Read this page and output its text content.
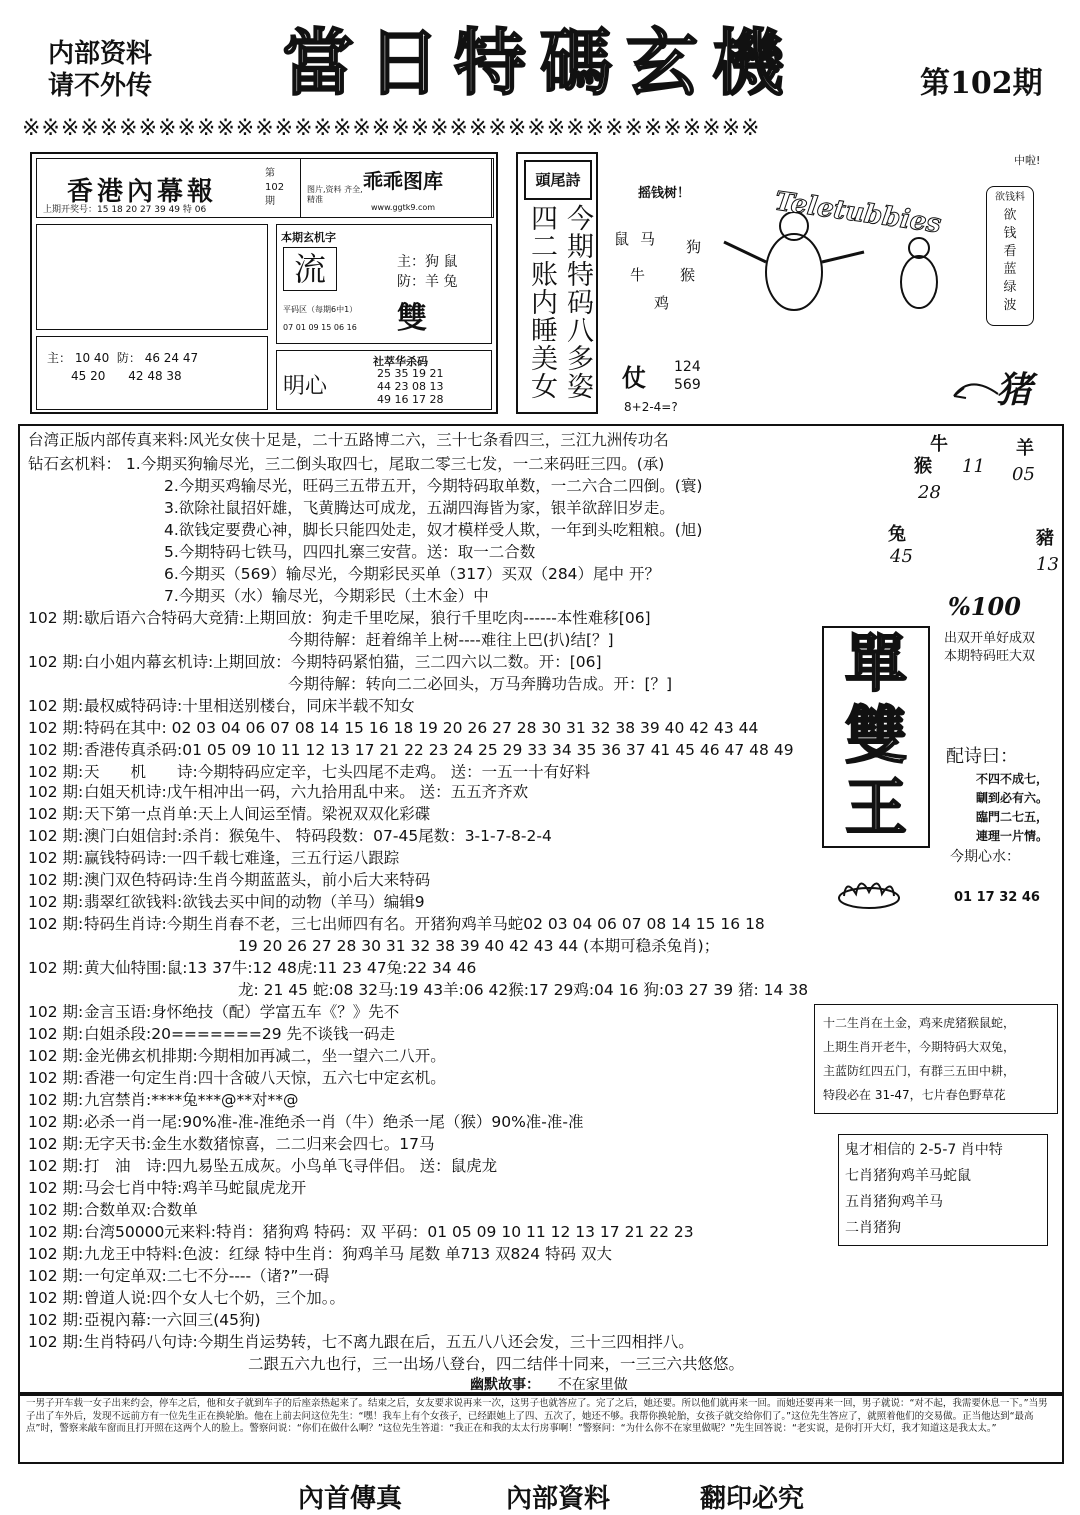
内部资料
请不外传	當日特碼玄機	第102期
※※※※※※※※※※※※※※※※※※※※※※※※※※※※※※※※※※※※※※
香港內幕報
第102期
上期开奖号：15 18 20 27 39 49 特 06
乖乖图库
图片,资料 齐全,精准
www.ggtk9.com
本期玄机字
流	主：狗 鼠
防：羊 兔
雙
平码区（每期6中1）
07 01 09 15 06 16
主： 10 40 防： 46 24 47
45 20 42 48 38
社萃华杀码
明心
25 35 19 21
44 23 08 13
49 16 17 28
頭尾詩
今期特码八多姿
四二账内睡美女
摇钱树！	Teletubbies
中啦!
鼠 马 狗
牛 猴
鸡
欲钱料
欲
钱
看
蓝
绿
波
仗 124
569
8+2-4=?	猪
台湾正版内部传真来料:风光女侠十足是，二十五路博二六，三十七条看四三，三江九洲传功名
钻石玄机料： 1.今期买狗输尽光，三二倒头取四七，尾取二零三七发，一二来码旺三四。(承)
2.今期买鸡输尽光，旺码三五带五开，今期特码取单数，一二六合二四倒。(寰)
3.欲除社鼠招奸雄，飞黄腾达可成龙，五湖四海皆为家，银羊欲辞旧岁走。
4.欲钱定要费心神，脚长只能四处走，奴才模样受人欺，一年到头吃粗粮。(旭)
5.今期特码七铁马，四四扎寨三安营。送：取一二合数
6.今期买（569）输尽光，今期彩民买单（317）买双（284）尾中 开？
7.今期买（水）输尽光，今期彩民（土木金）中
102 期:歇后语六合特码大竞猜:上期回放：狗走千里吃屎，狼行千里吃肉------本性难移[06]
今期待解：赶着绵羊上树----难往上巴(扒)结[？]
102 期:白小姐内幕玄机诗:上期回放：今期特码紧怕猫，三二四六以二数。开：[06]
今期待解：转向二二必回头，万马奔腾功告成。开：[？]
102 期:最权威特码诗:十里相送别楼台，同床半载不知女
102 期:特码在其中: 02 03 04 06 07 08 14 15 16 18 19 20 26 27 28 30 31 32 38 39 40 42 43 44
102 期:香港传真杀码:01 05 09 10 11 12 13 17 21 22 23 24 25 29 33 34 35 36 37 41 45 46 47 48 49
102 期:天　　机　　诗:今期特码应定辛，七头四尾不走鸡。 送：一五一十有好料
102 期:白姐天机诗:戊午相冲出一码，六九拾用乱中来。 送：五五齐齐欢
102 期:天下第一点肖单:天上人间运至情。梁祝双双化彩碟
102 期:澳门白姐信封:杀肖：猴兔牛、 特码段数：07-45尾数：3-1-7-8-2-4
102 期:赢钱特码诗:一四千载七难逢，三五行运八跟踪
102 期:澳门双色特码诗:生肖今期蓝蓝头，前小后大来特码
102 期:翡翠红欲钱料:欲钱去买中间的动物（羊马）编辑9
102 期:特码生肖诗:今期生肖春不老，三七出师四有名。开猪狗鸡羊马蛇02 03 04 06 07 08 14 15 16 18
19 20 26 27 28 30 31 32 38 39 40 42 43 44 (本期可稳杀兔肖)；
102 期:黄大仙特围:鼠:13 37牛:12 48虎:11 23 47兔:22 34 46
龙: 21 45 蛇:08 32马:19 43羊:06 42猴:17 29鸡:04 16 狗:03 27 39 猪: 14 38
102 期:金言玉语:身怀绝技（配）学富五车《？》先不
102 期:白姐杀段:20=======29 先不谈钱一码走
102 期:金光佛玄机排期:今期相加再减二，坐一望六二八开。
102 期:香港一句定生肖:四十含破八天惊，五六七中定玄机。
102 期:九宫禁肖:****兔***@**对**@
102 期:必杀一肖一尾:90%准-准-准绝杀一肖（牛）绝杀一尾（猴）90%准-准-准
102 期:无字天书:金生水数猪惊喜，二二归来会四七。17马
102 期:打　油　诗:四九易坠五成灰。小鸟单飞寻伴侣。 送：鼠虎龙
102 期:马会七肖中特:鸡羊马蛇鼠虎龙开
102 期:合数单双:合数单
102 期:台湾50000元来料:特肖：猪狗鸡 特码：双 平码：01 05 09 10 11 12 13 17 21 22 23
102 期:九龙王中特料:色波：红绿 特中生肖：狗鸡羊马 尾数 单713 双824 特码 双大
102 期:一句定单双:二七不分----（诸?”一碍
102 期:曾道人说:四个女人七个奶，三个加。。
102 期:亞視內幕:一六回三(45狗)
102 期:生肖特码八句诗:今期生肖运势转，七不离九跟在后，五五八八还会发，三十三四相拌八。
二跟五六九也行，三一出场八登台，四二结伴十同来，一三三六共悠悠。
牛	羊
猴 11 05
28
兔	豬
45	13
%100
單
雙
王
出双开单好成双
本期特码旺大双
配诗曰：
不四不成七，
瞓到必有六。
臨門二七五，
連理一片情。
今期心水：
01 17 32 46
十二生肖在土金，鸡来虎猪猴鼠蛇，
上期生肖开老牛，今期特码大双兔，
主蓝防红四五门，有群三五田中耕，
特段必在 31-47，七片春色野草花
鬼才相信的 2-5-7 肖中特
七肖猪狗鸡羊马蛇鼠
五肖猪狗鸡羊马
二肖猪狗
幽默故事： 不在家里做
一男子开车载一女子出来约会，停车之后，他和女子就到车子的后座亲热起来了。结束之后，女友要求说再来一次，这男子也就答应了。完了之后，她还要。所以他们就再来一回。而她还要再来一回，男子就说：“对不起，我需要休息一下。”当男子出了车外后，发现不远前方有一位先生正在换轮胎。他在上前去问这位先生：“嘿！我车上有个女孩子，已经跟她上了四、五次了，她还不够。我帮你换轮胎，女孩子就交给你们了。”这位先生答应了，就照着他们的交易做。正当他达到“最高点”时，警察来敲车窗而且打开照在这两个人的脸上。警察问说：“你们在做什么啊？”这位先生答道：“我正在和我的太太行房事啊！”警察问：“为什么你不在家里做呢？”先生回答说：“老实说，是你打开大灯，我才知道这是我太太。”
內首傳真	內部資料	翻印必究
